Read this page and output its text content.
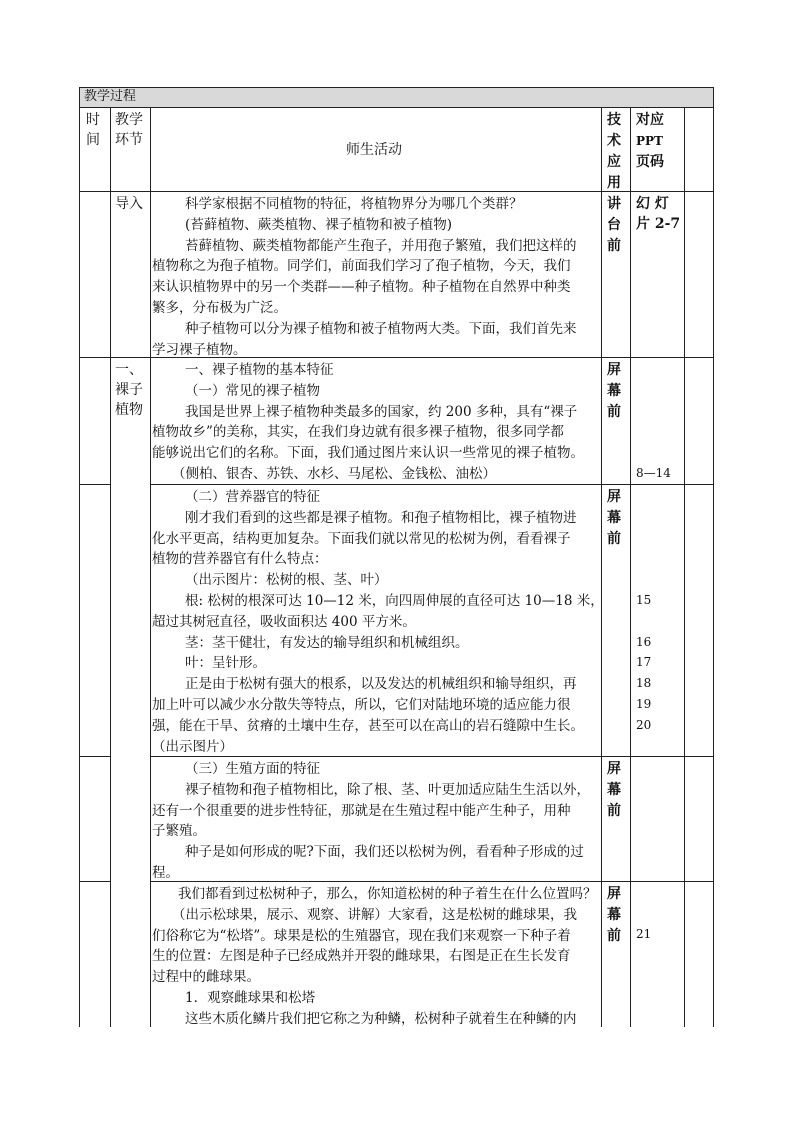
教学过程
时
间
教学
环节
师生活动
技
术
应
用
对应
PPT
页码
导入	讲
台
前
幻 灯
片 2-7
科学家根据不同植物的特征，将植物界分为哪几个类群？
(苔藓植物、蕨类植物、裸子植物和被子植物)
苔藓植物、蕨类植物都能产生孢子，并用孢子繁殖，我们把这样的
植物称之为孢子植物。同学们，前面我们学习了孢子植物，今天，我们
来认识植物界中的另一个类群——种子植物。种子植物在自然界中种类
繁多，分布极为广泛。
种子植物可以分为裸子植物和被子植物两大类。下面，我们首先来
学习裸子植物。
一、
裸子
植物
屏
幕
前
8—14
一、裸子植物的基本特征
（一）常见的裸子植物
我国是世界上裸子植物种类最多的国家，约 200 多种，具有“裸子
植物故乡”的美称，其实，在我们身边就有很多裸子植物，很多同学都
能够说出它们的名称。下面，我们通过图片来认识一些常见的裸子植物。
（侧柏、银杏、苏铁、水杉、马尾松、金钱松、油松）
屏
幕
前
15
16
17
18
19
20
（二）营养器官的特征
刚才我们看到的这些都是裸子植物。和孢子植物相比，裸子植物进
化水平更高，结构更加复杂。下面我们就以常见的松树为例，看看裸子
植物的营养器官有什么特点：
（出示图片：松树的根、茎、叶）
根: 松树的根深可达 10—12 米，向四周伸展的直径可达 10—18 米，
超过其树冠直径，吸收面积达 400 平方米。
茎：茎干健壮，有发达的输导组织和机械组织。
叶：呈针形。
正是由于松树有强大的根系，以及发达的机械组织和输导组织，再
加上叶可以减少水分散失等特点，所以，它们对陆地环境的适应能力很
强，能在干旱、贫瘠的土壤中生存，甚至可以在高山的岩石缝隙中生长。
（出示图片）
屏
幕
前
（三）生殖方面的特征
裸子植物和孢子植物相比，除了根、茎、叶更加适应陆生生活以外，
还有一个很重要的进步性特征，那就是在生殖过程中能产生种子，用种
子繁殖。
种子是如何形成的呢?下面，我们还以松树为例，看看种子形成的过
程。
屏
幕
前 21
我们都看到过松树种子，那么，你知道松树的种子着生在什么位置吗？
（出示松球果，展示、观察、讲解）大家看，这是松树的雌球果，我
们俗称它为“松塔”。球果是松的生殖器官，现在我们来观察一下种子着
生的位置：左图是种子已经成熟并开裂的雌球果，右图是正在生长发育
过程中的雌球果。
1．观察雌球果和松塔
这些木质化鳞片我们把它称之为种鳞，松树种子就着生在种鳞的内
